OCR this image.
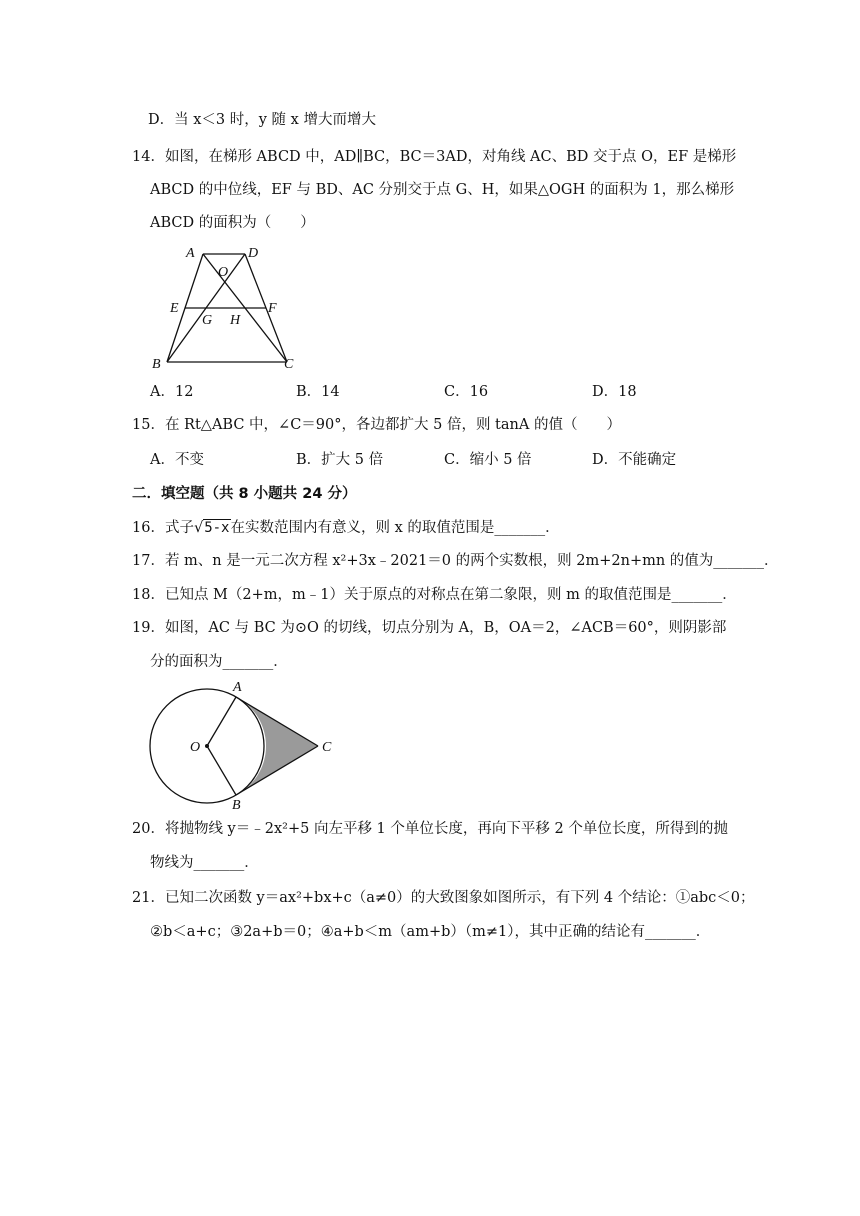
D．当 x＜3 时，y 随 x 增大而增大
14．如图，在梯形 ABCD 中，AD∥BC，BC＝3AD，对角线 AC、BD 交于点 O，EF 是梯形
ABCD 的中位线，EF 与 BD、AC 分别交于点 G、H，如果△OGH 的面积为 1，那么梯形
ABCD 的面积为（　　）
A	D
O
E	F
G H
B	C
A．12	B．14	C．16	D．18
15．在 Rt△ABC 中，∠C＝90°，各边都扩大 5 倍，则 tanA 的值（　　）
A．不变	B．扩大 5 倍	C．缩小 5 倍	D．不能确定
二．填空题（共 8 小题共 24 分）
16．式子√5-x在实数范围内有意义，则 x 的取值范围是_______．
17．若 m、n 是一元二次方程 x²+3x﹣2021＝0 的两个实数根，则 2m+2n+mn 的值为_______．
18．已知点 M（2+m，m﹣1）关于原点的对称点在第二象限，则 m 的取值范围是_______．
19．如图，AC 与 BC 为⊙O 的切线，切点分别为 A，B，OA＝2，∠ACB＝60°，则阴影部
分的面积为_______．
A
O	C
B
20．将抛物线 y＝﹣2x²+5 向左平移 1 个单位长度，再向下平移 2 个单位长度，所得到的抛
物线为_______．
21．已知二次函数 y＝ax²+bx+c（a≠0）的大致图象如图所示，有下列 4 个结论：①abc＜0；
②b＜a+c；③2a+b＝0；④a+b＜m（am+b）（m≠1），其中正确的结论有_______．
